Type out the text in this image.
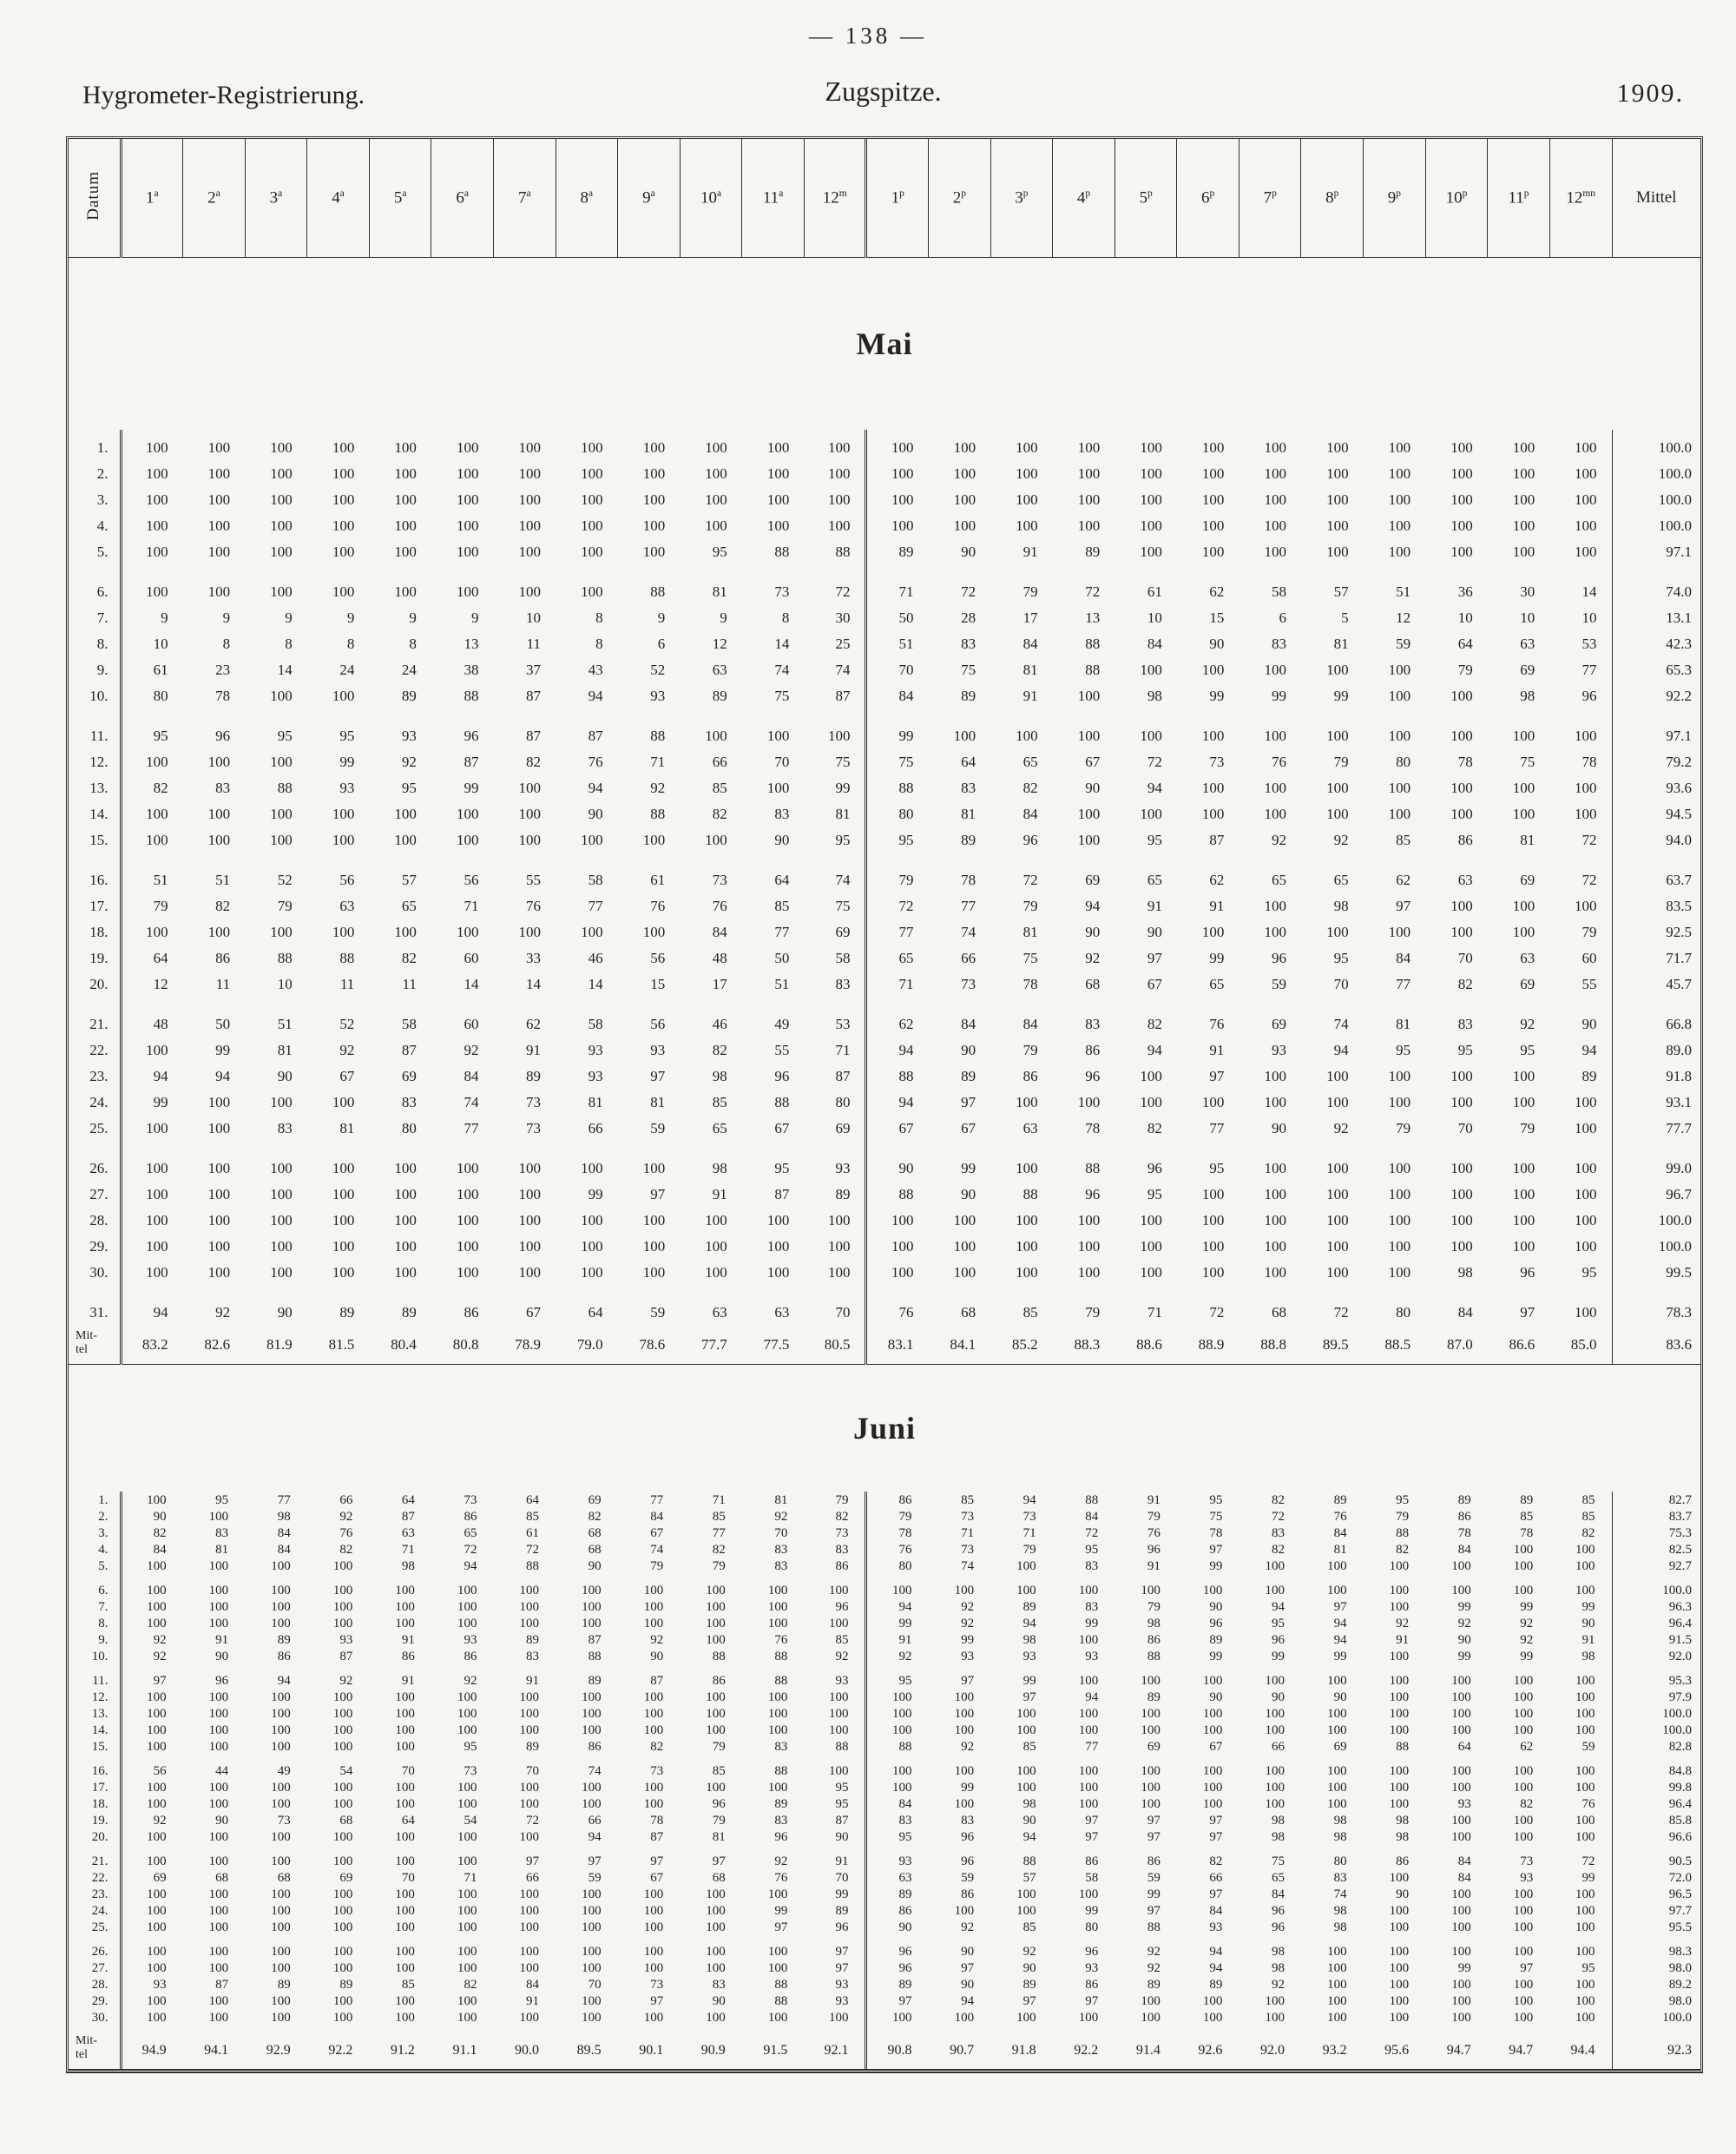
— 138 —
Hygrometer-Registrierung.	Zugspitze.	1909.
Datum	1$^a$	2$^a$	3$^a$	4$^a$	5$^a$	6$^a$	7$^a$	8$^a$	9$^a$	10$^a$	11$^a$	12$^m$	1$^p$	2$^p$	3$^p$	4$^p$	5$^p$	6$^p$	7$^p$	8$^p$	9$^p$	10$^p$	11$^p$	$12^{mn}$	Mittel

Mai																									

1.	100	100	100	100	100	100	100	100	100	100	100	100	100	100	100	100	100	100	100	100	100	100	100	100	100.0
2.	100	100	100	100	100	100	100	100	100	100	100	100	100	100	100	100	100	100	100	100	100	100	100	100	100.0
3.	100	100	100	100	100	100	100	100	100	100	100	100	100	100	100	100	100	100	100	100	100	100	100	100	100.0
4.	100	100	100	100	100	100	100	100	100	100	100	100	100	100	100	100	100	100	100	100	100	100	100	100	100.0
5.	100	100	100	100	100	100	100	100	100	95	88	88	89	90	91	89	100	100	100	100	100	100	100	100	97.1
6.	100	100	100	100	100	100	100	100	88	81	73	72	71	72	79	72	61	62	58	57	51	36	30	14	74.0
7.	9	9	9	9	9	9	10	8	9	9	8	30	50	28	17	13	10	15	6	5	12	10	10	10	13.1
8.	10	8	8	8	8	13	11	8	6	12	14	25	51	83	84	88	84	90	83	81	59	64	63	53	42.3
9.	61	23	14	24	24	38	37	43	52	63	74	74	70	75	81	88	100	100	100	100	100	79	69	77	65.3
10.	80	78	100	100	89	88	87	94	93	89	75	87	84	89	91	100	98	99	99	99	100	100	98	96	92.2
11.	95	96	95	95	93	96	87	87	88	100	100	100	99	100	100	100	100	100	100	100	100	100	100	100	97.1
12.	100	100	100	99	92	87	82	76	71	66	70	75	75	64	65	67	72	73	76	79	80	78	75	78	79.2
13.	82	83	88	93	95	99	100	94	92	85	100	99	88	83	82	90	94	100	100	100	100	100	100	100	93.6
14.	100	100	100	100	100	100	100	90	88	82	83	81	80	81	84	100	100	100	100	100	100	100	100	100	94.5
15.	100	100	100	100	100	100	100	100	100	100	90	95	95	89	96	100	95	87	92	92	85	86	81	72	94.0
16.	51	51	52	56	57	56	55	58	61	73	64	74	79	78	72	69	65	62	65	65	62	63	69	72	63.7
17.	79	82	79	63	65	71	76	77	76	76	85	75	72	77	79	94	91	91	100	98	97	100	100	100	83.5
18.	100	100	100	100	100	100	100	100	100	84	77	69	77	74	81	90	90	100	100	100	100	100	100	79	92.5
19.	64	86	88	88	82	60	33	46	56	48	50	58	65	66	75	92	97	99	96	95	84	70	63	60	71.7
20.	12	11	10	11	11	14	14	14	15	17	51	83	71	73	78	68	67	65	59	70	77	82	69	55	45.7
21.	48	50	51	52	58	60	62	58	56	46	49	53	62	84	84	83	82	76	69	74	81	83	92	90	66.8
22.	100	99	81	92	87	92	91	93	93	82	55	71	94	90	79	86	94	91	93	94	95	95	95	94	89.0
23.	94	94	90	67	69	84	89	93	97	98	96	87	88	89	86	96	100	97	100	100	100	100	100	89	91.8
24.	99	100	100	100	83	74	73	81	81	85	88	80	94	97	100	100	100	100	100	100	100	100	100	100	93.1
25.	100	100	83	81	80	77	73	66	59	65	67	69	67	67	63	78	82	77	90	92	79	70	79	100	77.7
26.	100	100	100	100	100	100	100	100	100	98	95	93	90	99	100	88	96	95	100	100	100	100	100	100	99.0
27.	100	100	100	100	100	100	100	99	97	91	87	89	88	90	88	96	95	100	100	100	100	100	100	100	96.7
28.	100	100	100	100	100	100	100	100	100	100	100	100	100	100	100	100	100	100	100	100	100	100	100	100	100.0
29.	100	100	100	100	100	100	100	100	100	100	100	100	100	100	100	100	100	100	100	100	100	100	100	100	100.0
30.	100	100	100	100	100	100	100	100	100	100	100	100	100	100	100	100	100	100	100	100	100	98	96	95	99.5
31.	94	92	90	89	89	86	67	64	59	63	63	70	76	68	85	79	71	72	68	72	80	84	97	100	78.3
Mit-
tel	83.2	82.6	81.9	81.5	80.4	80.8	78.9	79.0	78.6	77.7	77.5	80.5	83.1	84.1	85.2	88.3	88.6	88.9	88.8	89.5	88.5	87.0	86.6	85.0	83.6

Juni																									

1.	100	95	77	66	64	73	64	69	77	71	81	79	86	85	94	88	91	95	82	89	95	89	89	85	82.7
2.	90	100	98	92	87	86	85	82	84	85	92	82	79	73	73	84	79	75	72	76	79	86	85	85	83.7
3.	82	83	84	76	63	65	61	68	67	77	70	73	78	71	71	72	76	78	83	84	88	78	78	82	75.3
4.	84	81	84	82	71	72	72	68	74	82	83	83	76	73	79	95	96	97	82	81	82	84	100	100	82.5
5.	100	100	100	100	98	94	88	90	79	79	83	86	80	74	100	83	91	99	100	100	100	100	100	100	92.7
6.	100	100	100	100	100	100	100	100	100	100	100	100	100	100	100	100	100	100	100	100	100	100	100	100	100.0
7.	100	100	100	100	100	100	100	100	100	100	100	96	94	92	89	83	79	90	94	97	100	99	99	99	96.3
8.	100	100	100	100	100	100	100	100	100	100	100	100	99	92	94	99	98	96	95	94	92	92	92	90	96.4
9.	92	91	89	93	91	93	89	87	92	100	76	85	91	99	98	100	86	89	96	94	91	90	92	91	91.5
10.	92	90	86	87	86	86	83	88	90	88	88	92	92	93	93	93	88	99	99	99	100	99	99	98	92.0
11.	97	96	94	92	91	92	91	89	87	86	88	93	95	97	99	100	100	100	100	100	100	100	100	100	95.3
12.	100	100	100	100	100	100	100	100	100	100	100	100	100	100	97	94	89	90	90	90	100	100	100	100	97.9
13.	100	100	100	100	100	100	100	100	100	100	100	100	100	100	100	100	100	100	100	100	100	100	100	100	100.0
14.	100	100	100	100	100	100	100	100	100	100	100	100	100	100	100	100	100	100	100	100	100	100	100	100	100.0
15.	100	100	100	100	100	95	89	86	82	79	83	88	88	92	85	77	69	67	66	69	88	64	62	59	82.8
16.	56	44	49	54	70	73	70	74	73	85	88	100	100	100	100	100	100	100	100	100	100	100	100	100	84.8
17.	100	100	100	100	100	100	100	100	100	100	100	95	100	99	100	100	100	100	100	100	100	100	100	100	99.8
18.	100	100	100	100	100	100	100	100	100	96	89	95	84	100	98	100	100	100	100	100	100	93	82	76	96.4
19.	92	90	73	68	64	54	72	66	78	79	83	87	83	83	90	97	97	97	98	98	98	100	100	100	85.8
20.	100	100	100	100	100	100	100	94	87	81	96	90	95	96	94	97	97	97	98	98	98	100	100	100	96.6
21.	100	100	100	100	100	100	97	97	97	97	92	91	93	96	88	86	86	82	75	80	86	84	73	72	90.5
22.	69	68	68	69	70	71	66	59	67	68	76	70	63	59	57	58	59	66	65	83	100	84	93	99	72.0
23.	100	100	100	100	100	100	100	100	100	100	100	99	89	86	100	100	99	97	84	74	90	100	100	100	96.5
24.	100	100	100	100	100	100	100	100	100	100	99	89	86	100	100	99	97	84	96	98	100	100	100	100	97.7
25.	100	100	100	100	100	100	100	100	100	100	97	96	90	92	85	80	88	93	96	98	100	100	100	100	95.5
26.	100	100	100	100	100	100	100	100	100	100	100	97	96	90	92	96	92	94	98	100	100	100	100	100	98.3
27.	100	100	100	100	100	100	100	100	100	100	100	97	96	97	90	93	92	94	98	100	100	99	97	95	98.0
28.	93	87	89	89	85	82	84	70	73	83	88	93	89	90	89	86	89	89	92	100	100	100	100	100	89.2
29.	100	100	100	100	100	100	91	100	97	90	88	93	97	94	97	97	100	100	100	100	100	100	100	100	98.0
30.	100	100	100	100	100	100	100	100	100	100	100	100	100	100	100	100	100	100	100	100	100	100	100	100	100.0
Mit-
tel	94.9	94.1	92.9	92.2	91.2	91.1	90.0	89.5	90.1	90.9	91.5	92.1	90.8	90.7	91.8	92.2	91.4	92.6	92.0	93.2	95.6	94.7	94.7	94.4	92.3
